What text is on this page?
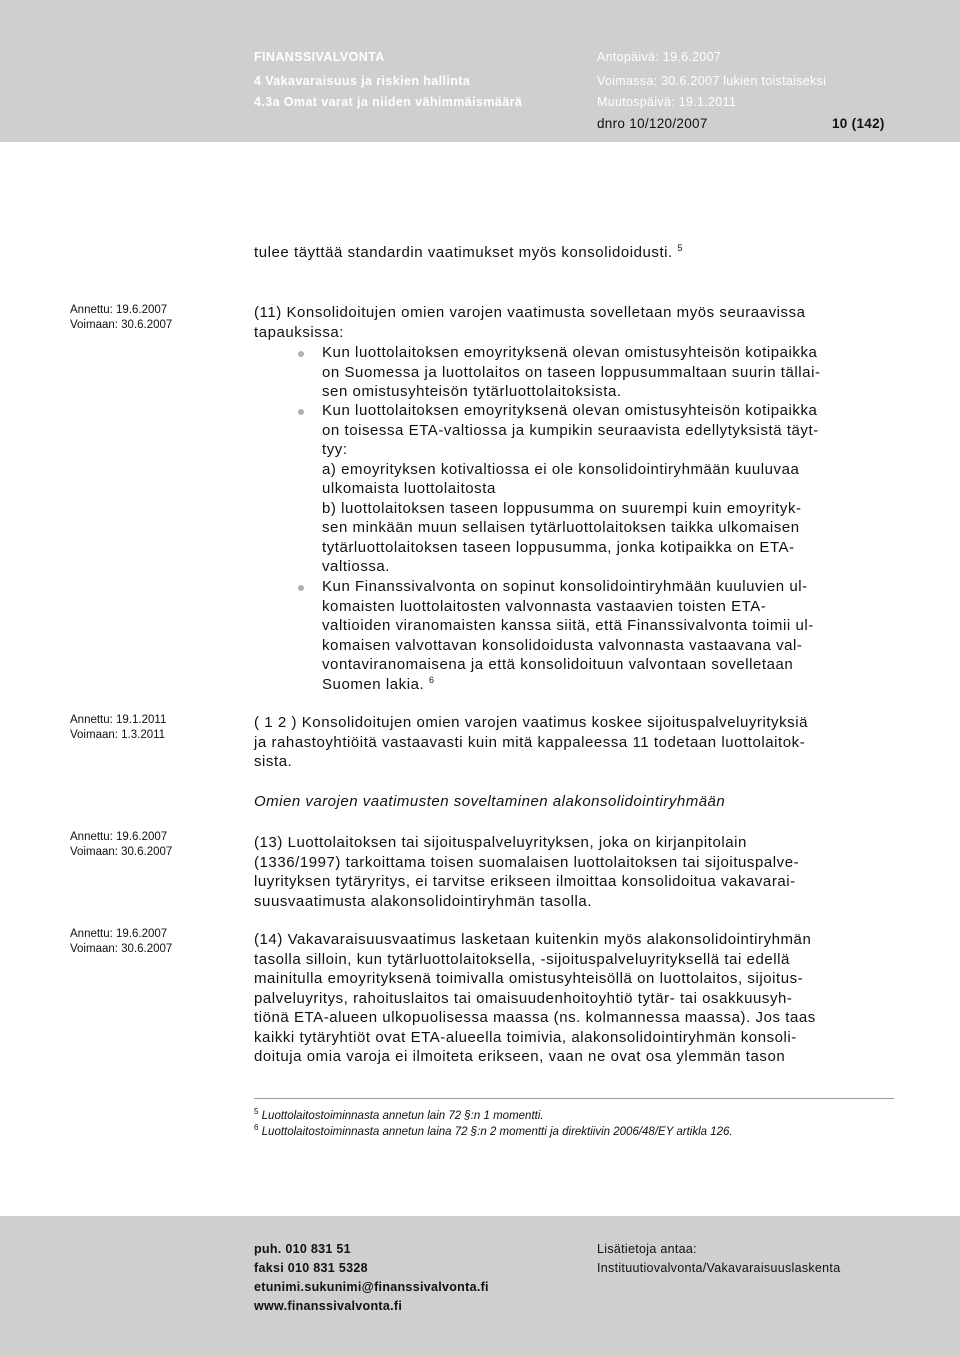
FINANSSIVALVONTA
4 Vakavaraisuus ja riskien hallinta
4.3a Omat varat ja niiden vähimmäismäärä
Antopäivä: 19.6.2007
Voimassa: 30.6.2007 lukien toistaiseksi
Muutospäivä: 19.1.2011
dnro 10/120/2007	10 (142)
tulee täyttää standardin vaatimukset myös konsolidoidusti. $^5$
Annettu: 19.6.2007
Voimaan: 30.6.2007
Annettu: 19.1.2011
Voimaan: 1.3.2011
Annettu: 19.6.2007
Voimaan: 30.6.2007
Annettu: 19.6.2007
Voimaan: 30.6.2007
(11) Konsolidoitujen omien varojen vaatimusta sovelletaan myös seuraavissa
tapauksissa:
Kun luottolaitoksen emoyrityksenä olevan omistusyhteisön kotipaikka
on Suomessa ja luottolaitos on taseen loppusummaltaan suurin tällai-
sen omistusyhteisön tytärluottolaitoksista.
Kun luottolaitoksen emoyrityksenä olevan omistusyhteisön kotipaikka
on toisessa ETA-valtiossa ja kumpikin seuraavista edellytyksistä täyt-
tyy:
a) emoyrityksen kotivaltiossa ei ole konsolidointiryhmään kuuluvaa
ulkomaista luottolaitosta
b) luottolaitoksen taseen loppusumma on suurempi kuin emoyrityk-
sen minkään muun sellaisen tytärluottolaitoksen taikka ulkomaisen
tytärluottolaitoksen taseen loppusumma, jonka kotipaikka on ETA-
valtiossa.
Kun Finanssivalvonta on sopinut konsolidointiryhmään kuuluvien ul-
komaisten luottolaitosten valvonnasta vastaavien toisten ETA-
valtioiden viranomaisten kanssa siitä, että Finanssivalvonta toimii ul-
komaisen valvottavan konsolidoidusta valvonnasta vastaavana val-
vontaviranomaisena ja että konsolidoituun valvontaan sovelletaan
Suomen lakia. $^6$
( 1 2 ) Konsolidoitujen omien varojen vaatimus koskee sijoituspalveluyrityksiä
ja rahastoyhtiöitä vastaavasti kuin mitä kappaleessa 11 todetaan luottolaitok-
sista.
Omien varojen vaatimusten soveltaminen alakonsolidointiryhmään
(13) Luottolaitoksen tai sijoituspalveluyrityksen, joka on kirjanpitolain
(1336/1997) tarkoittama toisen suomalaisen luottolaitoksen tai sijoituspalve-
luyrityksen tytäryritys, ei tarvitse erikseen ilmoittaa konsolidoitua vakavarai-
suusvaatimusta alakonsolidointiryhmän tasolla.
(14) Vakavaraisuusvaatimus lasketaan kuitenkin myös alakonsolidointiryhmän
tasolla silloin, kun tytärluottolaitoksella, -sijoituspalveluyrityksellä tai edellä
mainitulla emoyrityksenä toimivalla omistusyhteisöllä on luottolaitos, sijoitus-
palveluyritys, rahoituslaitos tai omaisuudenhoitoyhtiö tytär- tai osakkuusyh-
tiönä ETA-alueen ulkopuolisessa maassa (ns. kolmannessa maassa). Jos taas
kaikki tytäryhtiöt ovat ETA-alueella toimivia, alakonsolidointiryhmän konsoli-
doituja omia varoja ei ilmoiteta erikseen, vaan ne ovat osa ylemmän tason
$^5$ Luottolaitostoiminnasta annetun lain 72 §:n 1 momentti.
$^6$ Luottolaitostoiminnasta annetun laina 72 §:n 2 momentti ja direktiivin 2006/48/EY artikla 126.
puh. 010 831 51
faksi 010 831 5328
etunimi.sukunimi@finanssivalvonta.fi
www.finanssivalvonta.fi
Lisätietoja antaa:
Instituutiovalvonta/Vakavaraisuuslaskenta
